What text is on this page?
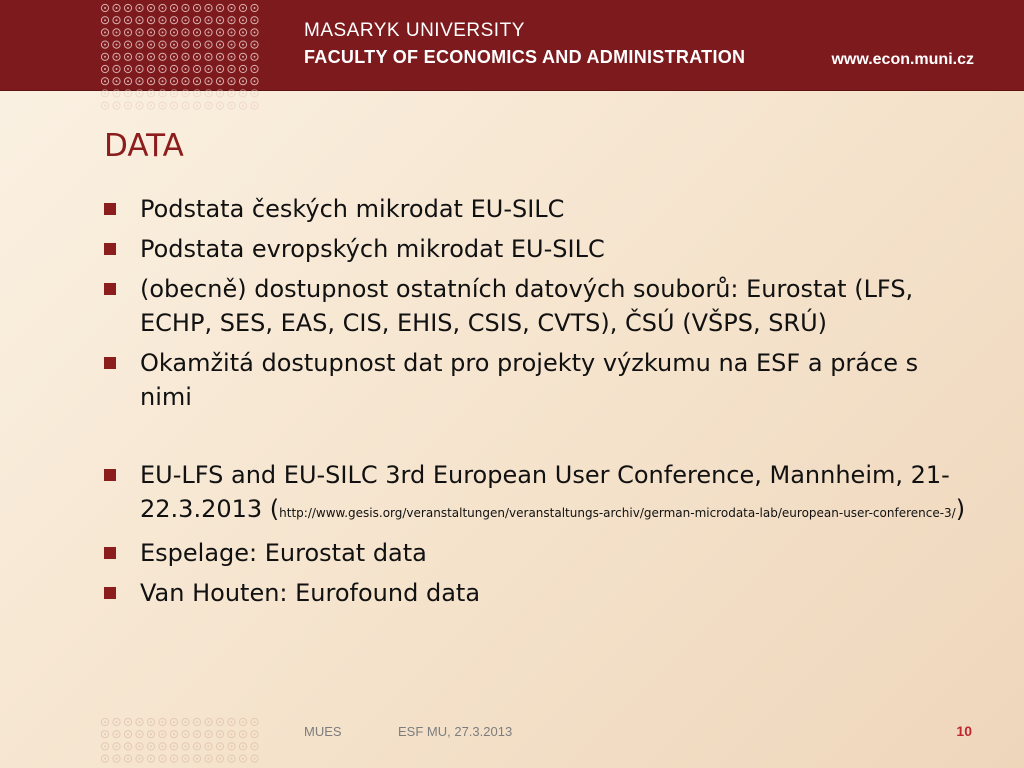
MASARYK UNIVERSITY
FACULTY OF ECONOMICS AND ADMINISTRATION	www.econ.muni.cz
DATA
Podstata českých mikrodat EU-SILC
Podstata evropských mikrodat EU-SILC
(obecně) dostupnost ostatních datových souborů: Eurostat (LFS, ECHP, SES, EAS, CIS, EHIS, CSIS, CVTS), ČSÚ (VŠPS, SRÚ)
Okamžitá dostupnost dat pro projekty výzkumu na ESF a práce s nimi
EU-LFS and EU-SILC 3rd European User Conference, Mannheim, 21-22.3.2013 (http://www.gesis.org/veranstaltungen/veranstaltungs-archiv/german-microdata-lab/european-user-conference-3/)
Espelage: Eurostat data
Van Houten: Eurofound data
MUES	ESF MU, 27.3.2013	10
